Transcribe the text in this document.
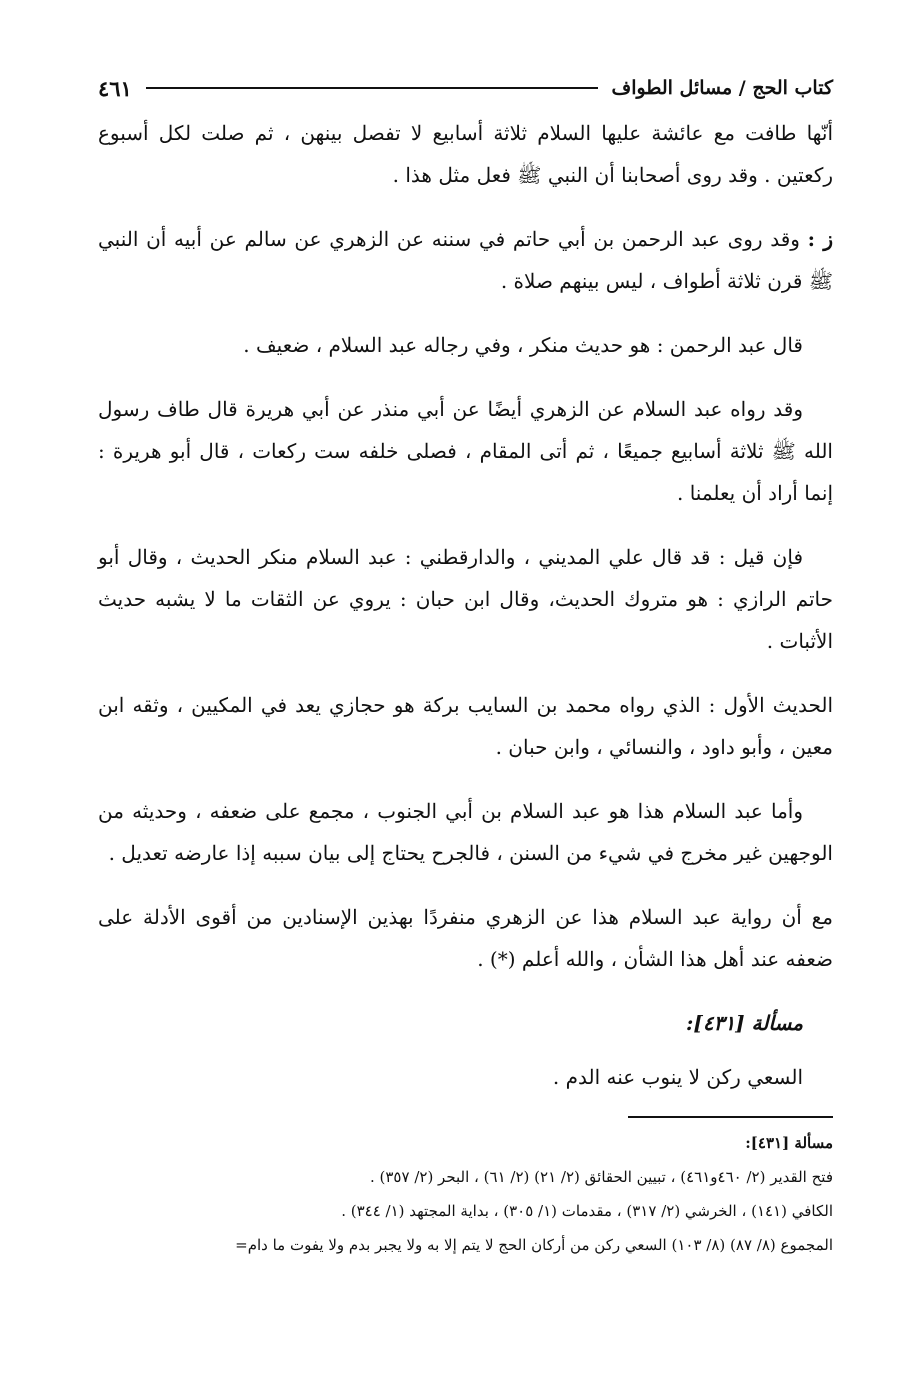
كتاب الحج / مسائل الطواف
٤٦١

أنّها طافت مع عائشة عليها السلام ثلاثة أسابيع لا تفصل بينهن ، ثم صلت لكل أسبوع ركعتين . وقد روى أصحابنا أن النبي ﷺ فعل مثل هذا .

ز : وقد روى عبد الرحمن بن أبي حاتم في سننه عن الزهري عن سالم عن أبيه أن النبي ﷺ قرن ثلاثة أطواف ، ليس بينهم صلاة .

قال عبد الرحمن : هو حديث منكر ، وفي رجاله عبد السلام ، ضعيف .

وقد رواه عبد السلام عن الزهري أيضًا عن أبي منذر عن أبي هريرة قال طاف رسول الله ﷺ ثلاثة أسابيع جميعًا ، ثم أتى المقام ، فصلى خلفه ست ركعات ، قال أبو هريرة : إنما أراد أن يعلمنا .

فإن قيل : قد قال علي المديني ، والدارقطني : عبد السلام منكر الحديث ، وقال أبو حاتم الرازي : هو متروك الحديث، وقال ابن حبان : يروي عن الثقات ما لا يشبه حديث الأثبات .

الحديث الأول : الذي رواه محمد بن السايب بركة هو حجازي يعد في المكيين ، وثقه ابن معين ، وأبو داود ، والنسائي ، وابن حبان .

وأما عبد السلام هذا هو عبد السلام بن أبي الجنوب ، مجمع على ضعفه ، وحديثه من الوجهين غير مخرج في شيء من السنن ، فالجرح يحتاج إلى بيان سببه إذا عارضه تعديل .

مع أن رواية عبد السلام هذا عن الزهري منفردًا بهذين الإسنادين من أقوى الأدلة على ضعفه عند أهل هذا الشأن ، والله أعلم (*) .

مسألة [٤٣١]:

السعي ركن لا ينوب عنه الدم .

مسألة [٤٣١]:

فتح القدير (٢/ ٤٦٠و٤٦١) ، تبيين الحقائق (٢/ ٢١) (٢/ ٦١) ، البحر (٢/ ٣٥٧) .

الكافي (١٤١) ، الخرشي (٢/ ٣١٧) ، مقدمات (١/ ٣٠٥) ، بداية المجتهد (١/ ٣٤٤) .

المجموع (٨/ ٨٧) (٨/ ١٠٣) السعي ركن من أركان الحج لا يتم إلا به ولا يجبر بدم ولا يفوت ما دام=
